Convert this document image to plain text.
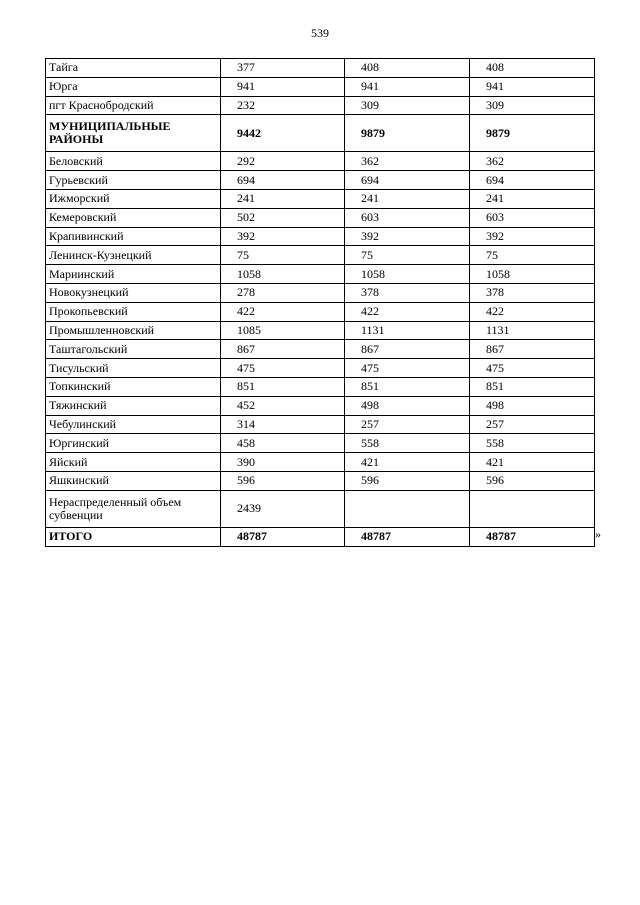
539
Тайга	377	408	408
Юрга	941	941	941
пгт Краснобродский	232	309	309
МУНИЦИПАЛЬНЫЕ РАЙОНЫ	9442	9879	9879
Беловский	292	362	362
Гурьевский	694	694	694
Ижморский	241	241	241
Кемеровский	502	603	603
Крапивинский	392	392	392
Ленинск-Кузнецкий	75	75	75
Мариинский	1058	1058	1058
Новокузнецкий	278	378	378
Прокопьевский	422	422	422
Промышленновский	1085	1131	1131
Таштагольский	867	867	867
Тисульский	475	475	475
Топкинский	851	851	851
Тяжинский	452	498	498
Чебулинский	314	257	257
Юргинский	458	558	558
Яйский	390	421	421
Яшкинский	596	596	596
Нераспределенный объем субвенции	2439		
ИТОГО	48787	48787	48787	»
